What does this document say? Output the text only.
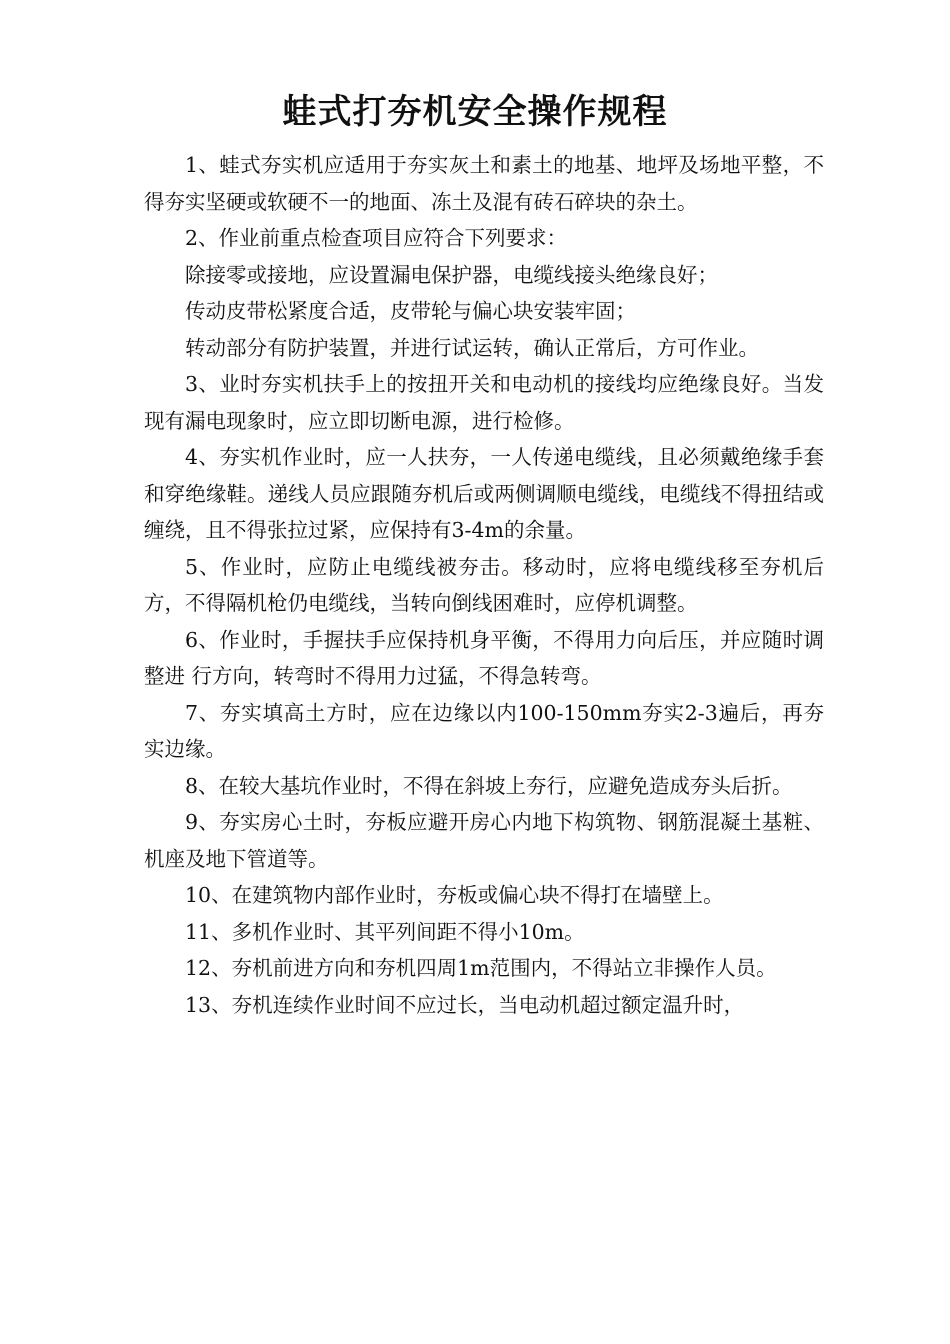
蛙式打夯机安全操作规程

1、蛙式夯实机应适用于夯实灰土和素土的地基、地坪及场地平整，不得夯实坚硬或软硬不一的地面、冻土及混有砖石碎块的杂土。

2、作业前重点检查项目应符合下列要求：

除接零或接地，应设置漏电保护器，电缆线接头绝缘良好；

传动皮带松紧度合适，皮带轮与偏心块安装牢固；

转动部分有防护装置，并进行试运转，确认正常后，方可作业。

3、业时夯实机扶手上的按扭开关和电动机的接线均应绝缘良好。当发现有漏电现象时，应立即切断电源，进行检修。

4、夯实机作业时，应一人扶夯，一人传递电缆线，且必须戴绝缘手套和穿绝缘鞋。递线人员应跟随夯机后或两侧调顺电缆线，电缆线不得扭结或缠绕，且不得张拉过紧，应保持有3-4m的余量。

5、作业时，应防止电缆线被夯击。移动时，应将电缆线移至夯机后方，不得隔机枪仍电缆线，当转向倒线困难时，应停机调整。

6、作业时，手握扶手应保持机身平衡，不得用力向后压，并应随时调整进 行方向，转弯时不得用力过猛，不得急转弯。

7、夯实填高土方时，应在边缘以内100-150mm夯实2-3遍后，再夯实边缘。

8、在较大基坑作业时，不得在斜坡上夯行，应避免造成夯头后折。

9、夯实房心土时，夯板应避开房心内地下构筑物、钢筋混凝土基粧、机座及地下管道等。

10、在建筑物内部作业时，夯板或偏心块不得打在墙壁上。

11、多机作业时、其平列间距不得小10m。

12、夯机前进方向和夯机四周1m范围内，不得站立非操作人员。

13、夯机连续作业时间不应过长，当电动机超过额定温升时，
